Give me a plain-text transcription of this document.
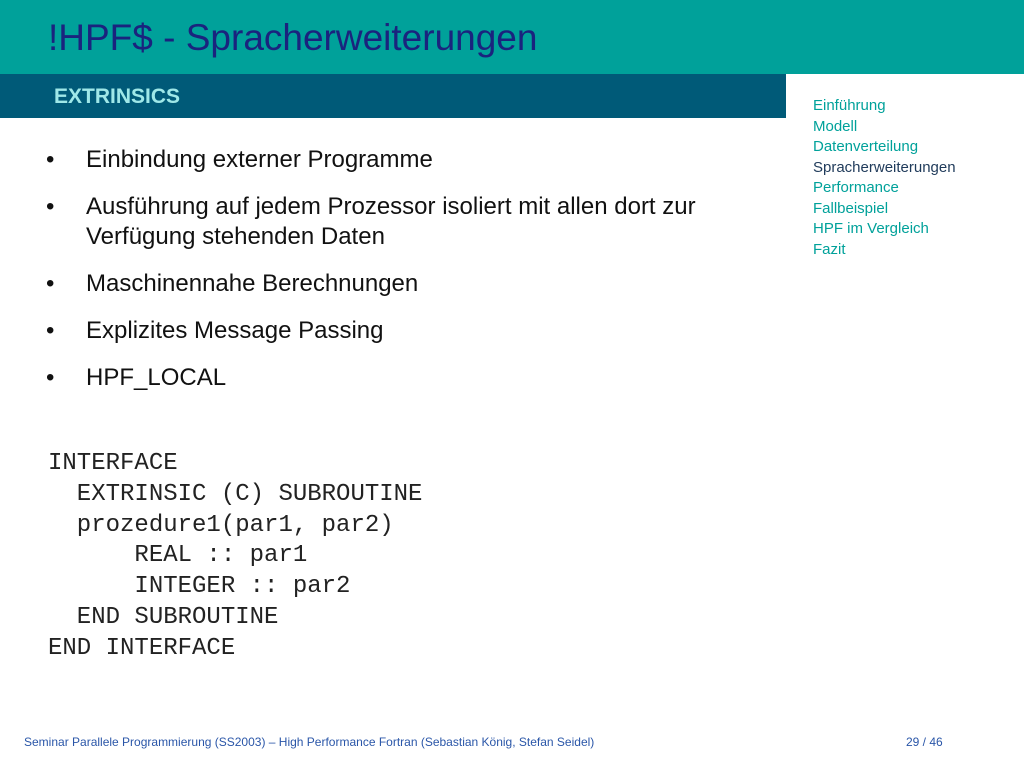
!HPF$ - Spracherweiterungen
EXTRINSICS	Einführung
Modell
Datenverteilung
Spracherweiterungen
Performance
Fallbeispiel
HPF im Vergleich
Fazit
• Einbindung externer Programme
• Ausführung auf jedem Prozessor isoliert mit allen dort zur Verfügung stehenden Daten
• Maschinennahe Berechnungen
• Explizites Message Passing
• HPF_LOCAL
INTERFACE
EXTRINSIC (C) SUBROUTINE
prozedure1(par1, par2)
REAL :: par1
INTEGER :: par2
END SUBROUTINE
END INTERFACE
Seminar Parallele Programmierung (SS2003) – High Performance Fortran (Sebastian König, Stefan Seidel)	29 / 46
